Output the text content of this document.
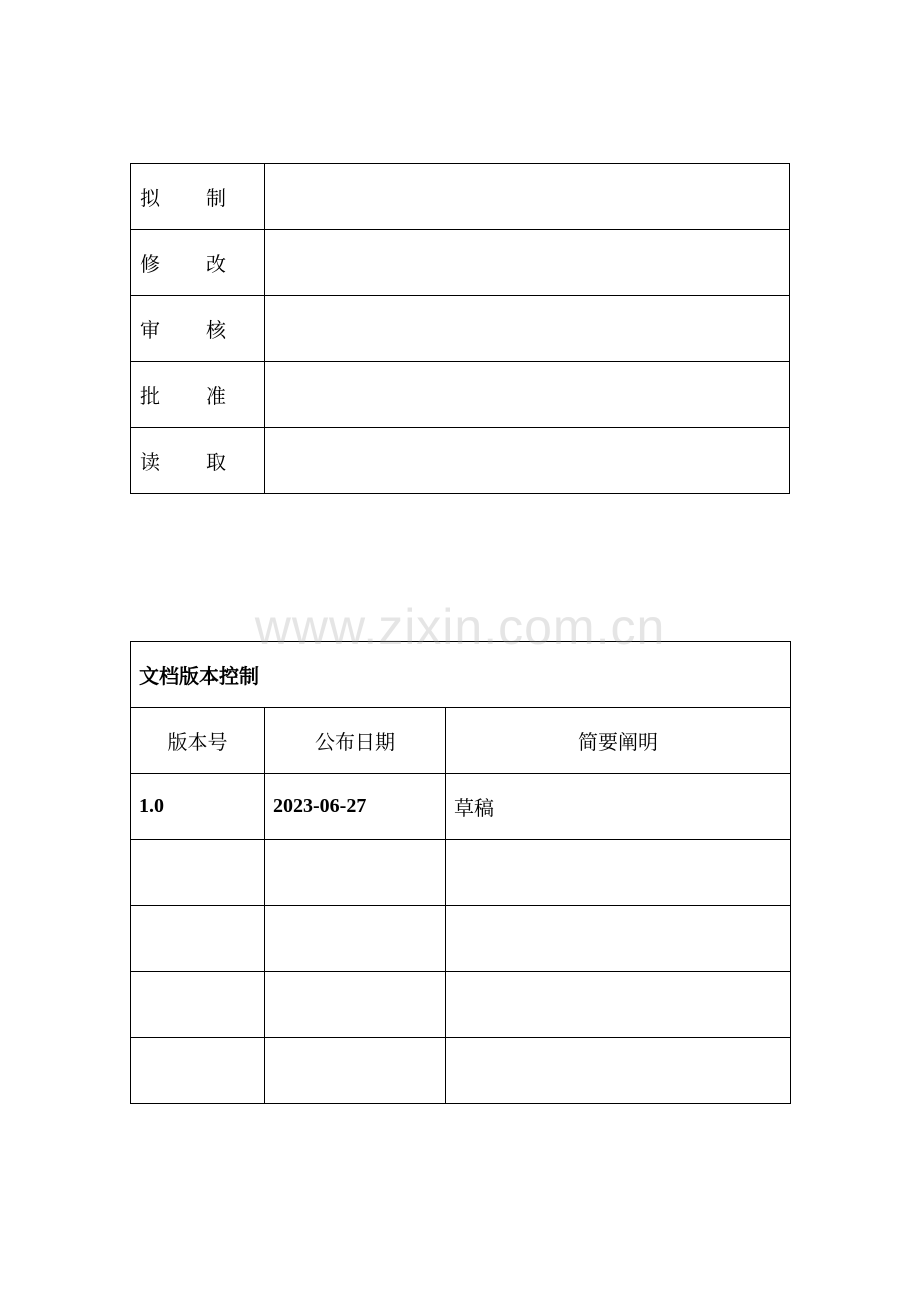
拟 制	

修 改	

审 核	

批 准	

读 取	

www.zixin.com.cn
文档版本控制		
版本号	公布日期	简要阐明
1.0	2023-06-27	草稿
